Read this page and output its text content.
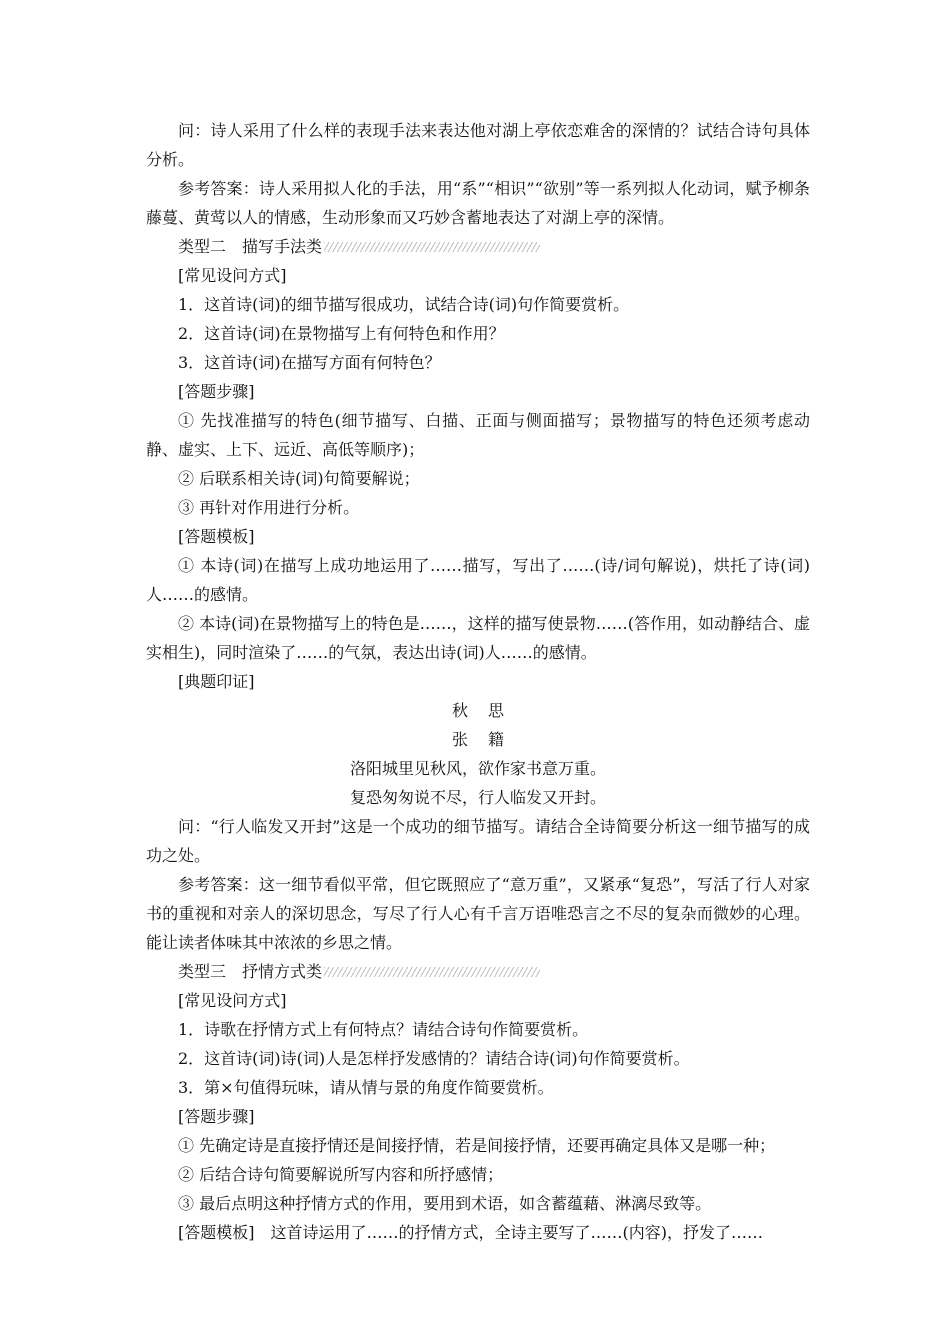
问：诗人采用了什么样的表现手法来表达他对湖上亭依恋难舍的深情的？试结合诗句具体分析。

参考答案：诗人采用拟人化的手法，用“系”“相识”“欲别”等一系列拟人化动词，赋予柳条藤蔓、黄莺以人的情感，生动形象而又巧妙含蓄地表达了对湖上亭的深情。

类型二　描写手法类

[常见设问方式]

1．这首诗(词)的细节描写很成功，试结合诗(词)句作简要赏析。

2．这首诗(词)在景物描写上有何特色和作用？

3．这首诗(词)在描写方面有何特色？

[答题步骤]

① 先找准描写的特色(细节描写、白描、正面与侧面描写；景物描写的特色还须考虑动静、虚实、上下、远近、高低等顺序)；

② 后联系相关诗(词)句简要解说；

③ 再针对作用进行分析。

[答题模板]

① 本诗(词)在描写上成功地运用了……描写，写出了……(诗/词句解说)，烘托了诗(词)人……的感情。

② 本诗(词)在景物描写上的特色是……，这样的描写使景物……(答作用，如动静结合、虚实相生)，同时渲染了……的气氛，表达出诗(词)人……的感情。

[典题印证]

秋 思

张 籍

洛阳城里见秋风，欲作家书意万重。

复恐匆匆说不尽，行人临发又开封。

问：“行人临发又开封”这是一个成功的细节描写。请结合全诗简要分析这一细节描写的成功之处。

参考答案：这一细节看似平常，但它既照应了“意万重”，又紧承“复恐”，写活了行人对家书的重视和对亲人的深切思念，写尽了行人心有千言万语唯恐言之不尽的复杂而微妙的心理。能让读者体味其中浓浓的乡思之情。

类型三　抒情方式类

[常见设问方式]

1．诗歌在抒情方式上有何特点？请结合诗句作简要赏析。

2．这首诗(词)诗(词)人是怎样抒发感情的？请结合诗(词)句作简要赏析。

3．第×句值得玩味，请从情与景的角度作简要赏析。

[答题步骤]

① 先确定诗是直接抒情还是间接抒情，若是间接抒情，还要再确定具体又是哪一种；

② 后结合诗句简要解说所写内容和所抒感情；

③ 最后点明这种抒情方式的作用，要用到术语，如含蓄蕴藉、淋漓尽致等。

[答题模板]　这首诗运用了……的抒情方式，全诗主要写了……(内容)，抒发了……
